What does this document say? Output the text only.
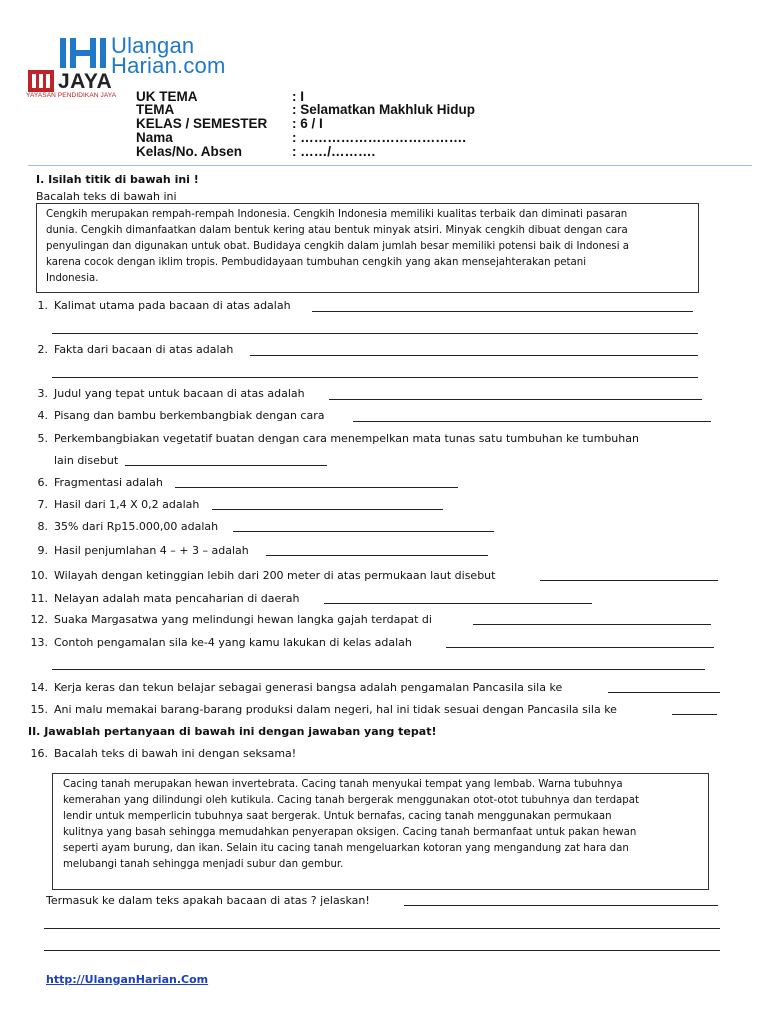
Ulangan
Harian.com
JAYA
YAYASAN PENDIDIKAN JAYA UK TEMA	: I
TEMA	: Selamatkan Makhluk Hidup
KELAS / SEMESTER : 6 / I
Nama	: ……………………………….
Kelas/No. Absen	: ……/……….
I. Isilah titik di bawah ini !
Bacalah teks di bawah ini

Cengkih merupakan rempah-rempah Indonesia. Cengkih Indonesia memiliki kualitas terbaik dan diminati pasaran

dunia. Cengkih dimanfaatkan dalam bentuk kering atau bentuk minyak atsiri. Minyak cengkih dibuat dengan cara

penyulingan dan digunakan untuk obat. Budidaya cengkih dalam jumlah besar memiliki potensi baik di Indonesi a

karena cocok dengan iklim tropis. Pembudidayaan tumbuhan cengkih yang akan mensejahterakan petani

Indonesia.

1. Kalimat utama pada bacaan di atas adalah
2. Fakta dari bacaan di atas adalah
3. Judul yang tepat untuk bacaan di atas adalah
4. Pisang dan bambu berkembangbiak dengan cara
5. Perkembangbiakan vegetatif buatan dengan cara menempelkan mata tunas satu tumbuhan ke tumbuhan
lain disebut
6. Fragmentasi adalah
7. Hasil dari 1,4 X 0,2 adalah
8. 35% dari Rp15.000,00 adalah
9. Hasil penjumlahan 4 – + 3 – adalah
10. Wilayah dengan ketinggian lebih dari 200 meter di atas permukaan laut disebut
11. Nelayan adalah mata pencaharian di daerah
12. Suaka Margasatwa yang melindungi hewan langka gajah terdapat di
13. Contoh pengamalan sila ke-4 yang kamu lakukan di kelas adalah
14. Kerja keras dan tekun belajar sebagai generasi bangsa adalah pengamalan Pancasila sila ke
15. Ani malu memakai barang-barang produksi dalam negeri, hal ini tidak sesuai dengan Pancasila sila ke
II. Jawablah pertanyaan di bawah ini dengan jawaban yang tepat!
16. Bacalah teks di bawah ini dengan seksama!

Cacing tanah merupakan hewan invertebrata. Cacing tanah menyukai tempat yang lembab. Warna tubuhnya

kemerahan yang dilindungi oleh kutikula. Cacing tanah bergerak menggunakan otot-otot tubuhnya dan terdapat

lendir untuk memperlicin tubuhnya saat bergerak. Untuk bernafas, cacing tanah menggunakan permukaan

kulitnya yang basah sehingga memudahkan penyerapan oksigen. Cacing tanah bermanfaat untuk pakan hewan

seperti ayam burung, dan ikan. Selain itu cacing tanah mengeluarkan kotoran yang mengandung zat hara dan

melubangi tanah sehingga menjadi subur dan gembur.

Termasuk ke dalam teks apakah bacaan di atas ? jelaskan!
http://UlanganHarian.Com
